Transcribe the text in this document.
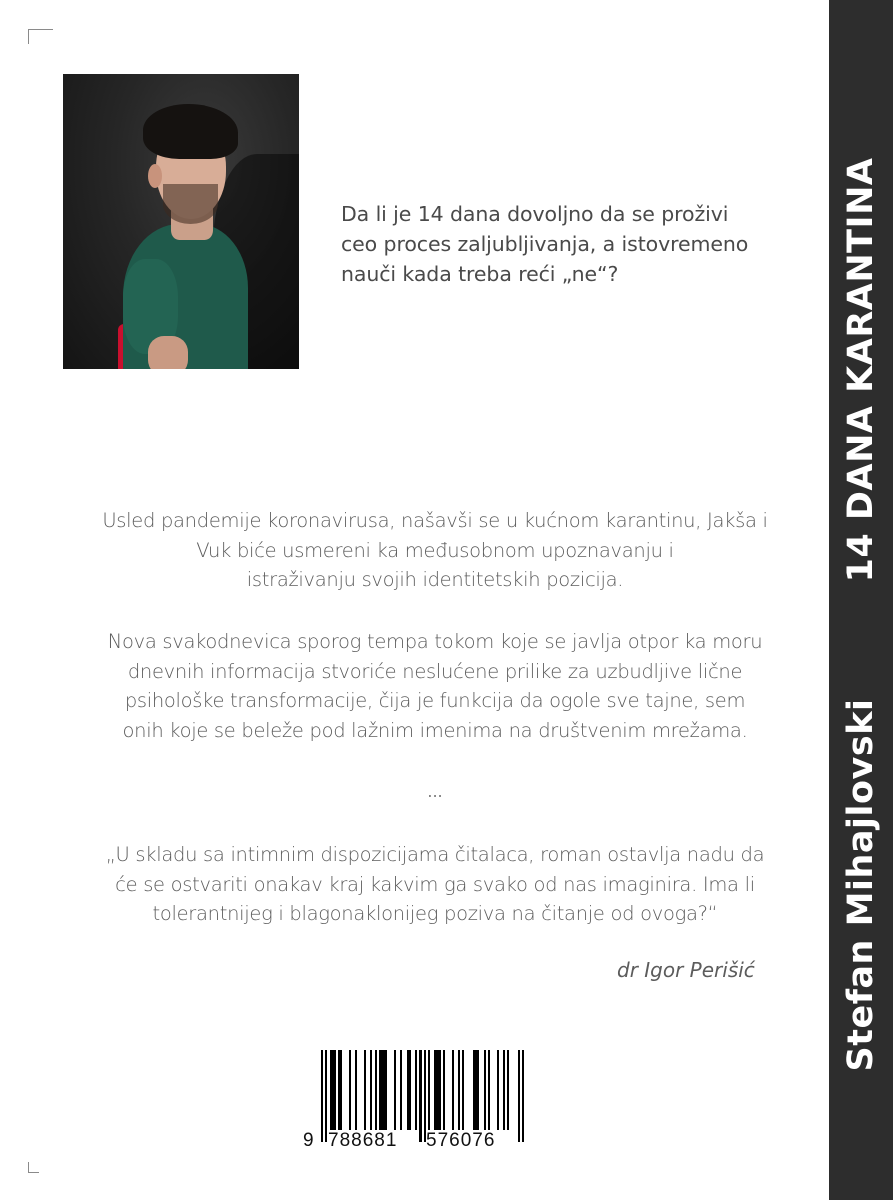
Da li je 14 dana dovoljno da se proživi
ceo proces zaljubljivanja, a istovremeno
nauči kada treba reći „ne“?
Usled pandemije koronavirusa, našavši se u kućnom karantinu, Jakša i
Vuk biće usmereni ka međusobnom upoznavanju i
istraživanju svojih identitetskih pozicija.
Nova svakodnevica sporog tempa tokom koje se javlja otpor ka moru
dnevnih informacija stvoriće neslućene prilike za uzbudljive lične
psihološke transformacije, čija je funkcija da ogole sve tajne, sem
onih koje se beleže pod lažnim imenima na društvenim mrežama.
...
„U skladu sa intimnim dispozicijama čitalaca, roman ostavlja nadu da
će se ostvariti onakav kraj kakvim ga svako od nas imaginira. Ima li
tolerantnijeg i blagonaklonijeg poziva na čitanje od ovoga?“
dr Igor Perišić
9 788681 576076
14 DANA KARANTINA
Stefan Mihajlovski
